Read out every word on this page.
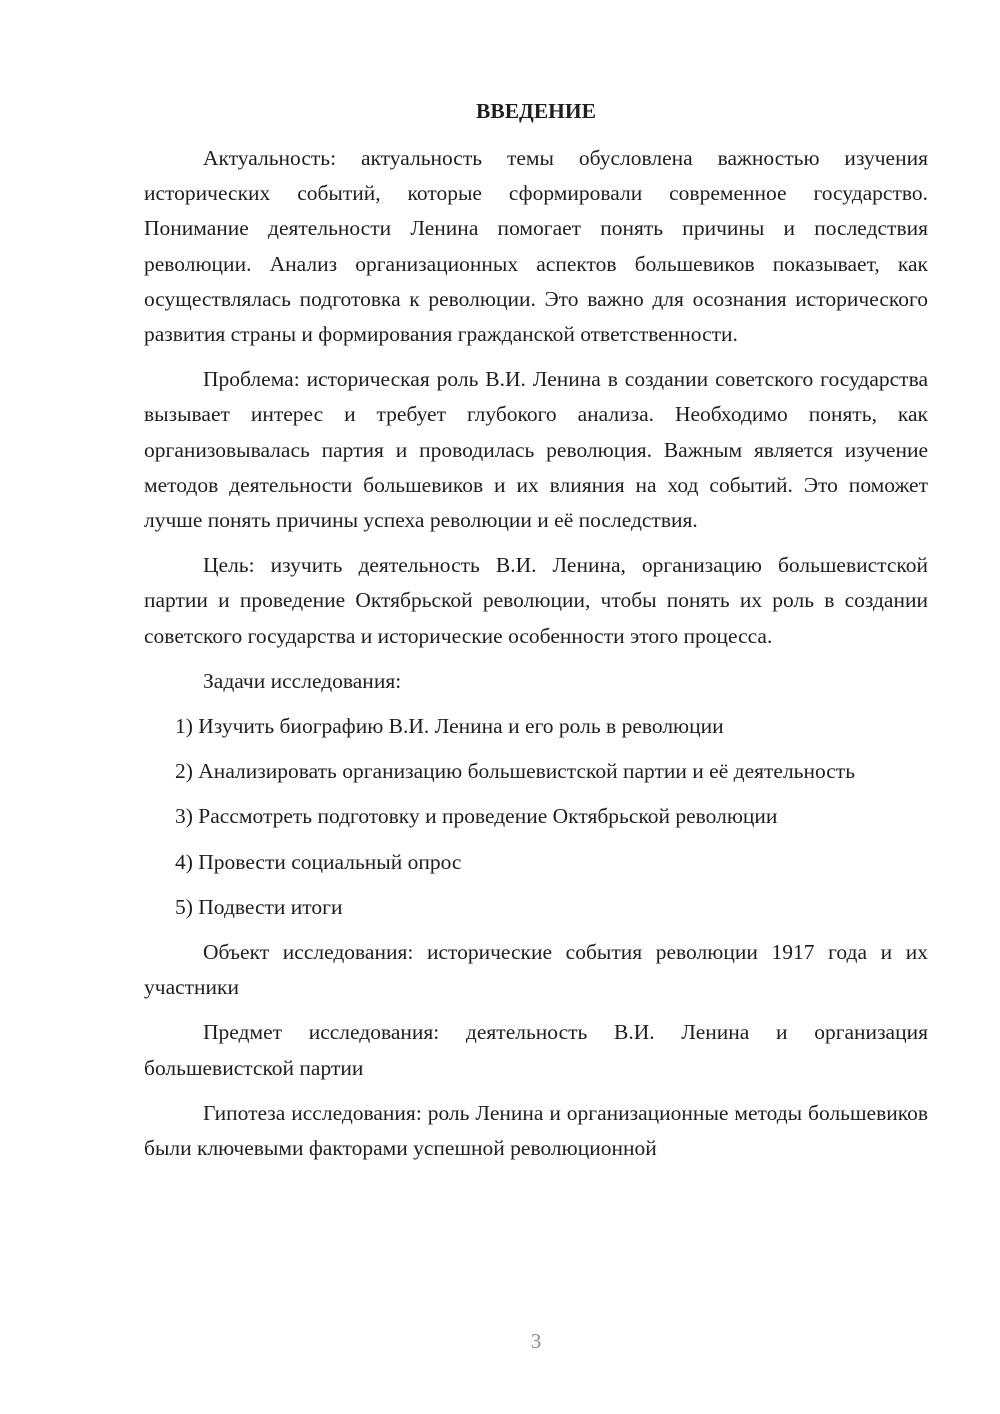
ВВЕДЕНИЕ

Актуальность: актуальность темы обусловлена важностью изучения исторических событий, которые сформировали современное государство. Понимание деятельности Ленина помогает понять причины и последствия революции. Анализ организационных аспектов большевиков показывает, как осуществлялась подготовка к революции. Это важно для осознания исторического развития страны и формирования гражданской ответственности.

Проблема: историческая роль В.И. Ленина в создании советского государства вызывает интерес и требует глубокого анализа. Необходимо понять, как организовывалась партия и проводилась революция. Важным является изучение методов деятельности большевиков и их влияния на ход событий. Это поможет лучше понять причины успеха революции и её последствия.

Цель: изучить деятельность В.И. Ленина, организацию большевистской партии и проведение Октябрьской революции, чтобы понять их роль в создании советского государства и исторические особенности этого процесса.

Задачи исследования:

1) Изучить биографию В.И. Ленина и его роль в революции

2) Анализировать организацию большевистской партии и её деятельность

3) Рассмотреть подготовку и проведение Октябрьской революции

4) Провести социальный опрос

5) Подвести итоги

Объект исследования: исторические события революции 1917 года и их участники

Предмет исследования: деятельность В.И. Ленина и организация большевистской партии

Гипотеза исследования: роль Ленина и организационные методы большевиков были ключевыми факторами успешной революционной

3
